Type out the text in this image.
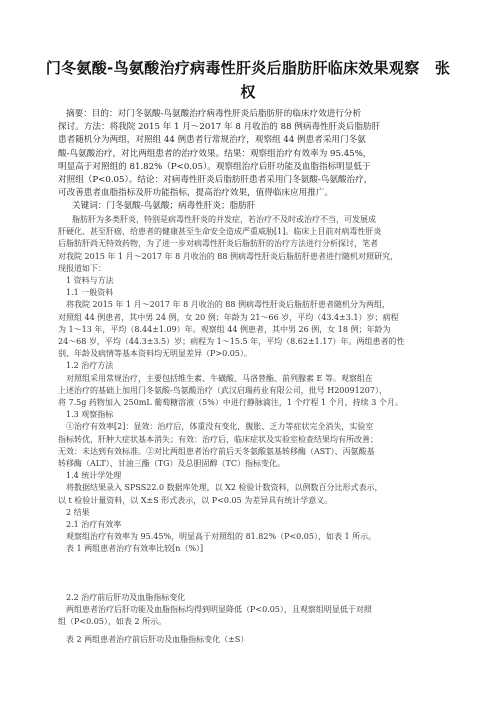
门冬氨酸-鸟氨酸治疗病毒性肝炎后脂肪肝临床效果观察　张
权
摘要：目的：对门冬氨酸-鸟氨酸治疗病毒性肝炎后脂肪肝的临床疗效进行分析
探讨。方法：将我院 2015 年 1 月～2017 年 8 月收治的 88 例病毒性肝炎后脂肪肝
患者随机分为两组，对照组 44 例患者行常规治疗，观察组 44 例患者采用门冬氨
酸-鸟氨酸治疗，对比两组患者的治疗效果。结果：观察组治疗有效率为 95.45%，
明显高于对照组的 81.82%（P<0.05）。观察组治疗后肝功能及血脂指标明显低于
对照组（P<0.05）。结论：对病毒性肝炎后脂肪肝患者采用门冬氨酸-鸟氨酸治疗，
可改善患者血脂指标及肝功能指标，提高治疗效果，值得临床应用推广。
关键词：门冬氨酸-鸟氨酸；病毒性肝炎；脂肪肝
脂肪肝为多类肝炎，特别是病毒性肝炎的并发症，若治疗不及时或治疗不当，可发展成
肝硬化、甚至肝癌，给患者的健康甚至生命安全造成严重威胁[1]。临床上目前对病毒性肝炎
后脂肪肝尚无特效药物，为了进一步对病毒性肝炎后脂肪肝的治疗方法进行分析探讨，笔者
对我院 2015 年 1 月～2017 年 8 月收治的 88 例病毒性肝炎后脂肪肝患者进行随机对照研究，
现报道如下：
1 资料与方法
1.1 一般资料
将我院 2015 年 1 月～2017 年 8 月收治的 88 例病毒性肝炎后脂肪肝患者随机分为两组，
对照组 44 例患者，其中男 24 例，女 20 例；年龄为 21～66 岁，平均（43.4±3.1）岁；病程
为 1～13 年，平均（8.44±1.09）年。观察组 44 例患者，其中男 26 例，女 18 例；年龄为
24～68 岁，平均（44.3±3.5）岁；病程为 1～15.5 年，平均（8.62±1.17）年。两组患者的性
别、年龄及病情等基本资料均无明显差异（P>0.05）。
1.2 治疗方法
对照组采用常规治疗，主要包括维生素、牛磺酸、马洛替酯、前列腺素 E 等。观察组在
上述治疗的基础上加用门冬氨酸-鸟氨酸治疗（武汉启瑞药业有限公司，批号 H20091207），
将 7.5g 药物加入 250mL 葡萄糖溶液（5%）中进行静脉滴注，1 个疗程 1 个月，持续 3 个月。
1.3 观察指标
①治疗有效率[2]：显效：治疗后，体重没有变化，腹胀、乏力等症状完全消失，实验室
指标转优，肝肿大症状基本消失；有效：治疗后，临床症状及实验室检查结果均有所改善；
无效：未达到有效标准。②对比两组患者治疗前后天冬氨酸氨基转移酶（AST）、丙氨酸基
转移酶（ALT）、甘油三酯（TG）及总胆固醇（TC）指标变化。
1.4 统计学处理
将数据结果录入 SPSS22.0 数据库处理，以 X2 检验计数资料，以例数百分比形式表示，
以 t 检验计量资料，以 X±S 形式表示，以 P<0.05 为差异具有统计学意义。
2 结果
2.1 治疗有效率
观察组治疗有效率为 95.45%，明显高于对照组的 81.82%（P<0.05），如表 1 所示。
表 1 两组患者治疗有效率比较[n（%）]
2.2 治疗前后肝功及血脂指标变化
两组患者治疗后肝功能及血脂指标均得到明显降低（P<0.05），且观察组明显低于对照
组（P<0.05），如表 2 所示。
表 2 两组患者治疗前后肝功及血脂指标变化（±S）
